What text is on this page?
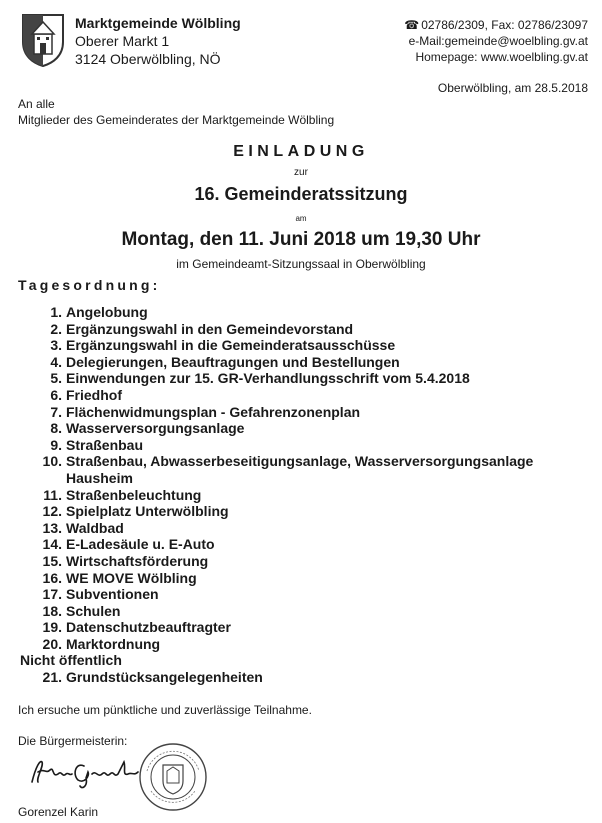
Marktgemeinde Wölbling
Oberer Markt 1
3124 Oberwölbling, NÖ
☎ 02786/2309, Fax: 02786/23097
e-Mail:gemeinde@woelbling.gv.at
Homepage: www.woelbling.gv.at
Oberwölbling, am 28.5.2018
An alle
Mitglieder des Gemeinderates der Marktgemeinde Wölbling
EINLADUNG
zur
16. Gemeinderatssitzung
am
Montag, den 11. Juni 2018 um 19,30 Uhr
im Gemeindeamt-Sitzungssaal in Oberwölbling
Tagesordnung:
1. Angelobung
2. Ergänzungswahl in den Gemeindevorstand
3. Ergänzungswahl in die Gemeinderatsausschüsse
4. Delegierungen, Beauftragungen und Bestellungen
5. Einwendungen zur 15. GR-Verhandlungsschrift vom 5.4.2018
6. Friedhof
7. Flächenwidmungsplan - Gefahrenzonenplan
8. Wasserversorgungsanlage
9. Straßenbau
10. Straßenbau, Abwasserbeseitigungsanlage, Wasserversorgungsanlage
Hausheim
11. Straßenbeleuchtung
12. Spielplatz Unterwölbling
13. Waldbad
14. E-Ladesäule u. E-Auto
15. Wirtschaftsförderung
16. WE MOVE Wölbling
17. Subventionen
18. Schulen
19. Datenschutzbeauftragter
20. Marktordnung
Nicht öffentlich
21. Grundstücksangelegenheiten
Ich ersuche um pünktliche und zuverlässige Teilnahme.
Die Bürgermeisterin:
Gorenzel Karin
